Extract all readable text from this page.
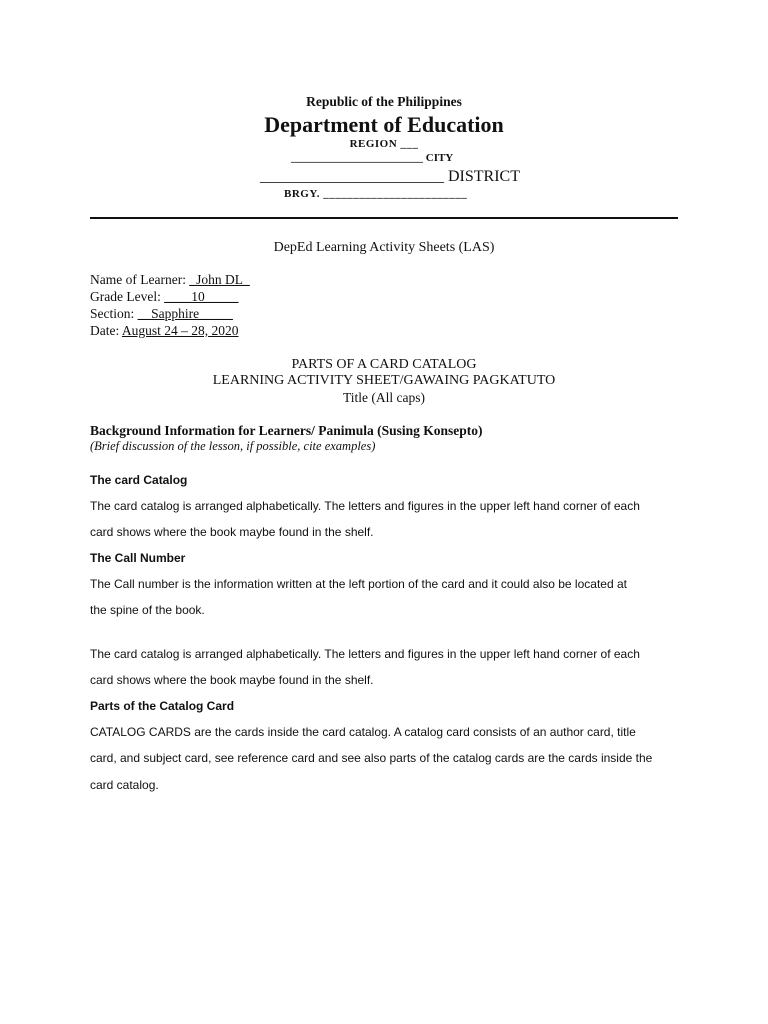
Republic of the Philippines
Department of Education
REGION ___
________________________ CITY
_______________________ DISTRICT
BRGY. ________________________
DepEd Learning Activity Sheets (LAS)
Name of Learner: _John DL_
Grade Level: ____10_____
Section: __Sapphire_____
Date: August 24 – 28, 2020
PARTS OF A CARD CATALOG
LEARNING ACTIVITY SHEET/GAWAING PAGKATUTO
Title (All caps)
Background Information for Learners/ Panimula (Susing Konsepto)
(Brief discussion of the lesson, if possible, cite examples)
The card Catalog
The card catalog is arranged alphabetically. The letters and figures in the upper left hand corner of each
card shows where the book maybe found in the shelf.
The Call Number
The Call number is the information written at the left portion of the card and it could also be located at
the spine of the book.
The card catalog is arranged alphabetically. The letters and figures in the upper left hand corner of each
card shows where the book maybe found in the shelf.
Parts of the Catalog Card
CATALOG CARDS are the cards inside the card catalog. A catalog card consists of an author card, title
card, and subject card, see reference card and see also parts of the catalog cards are the cards inside the
card catalog.
